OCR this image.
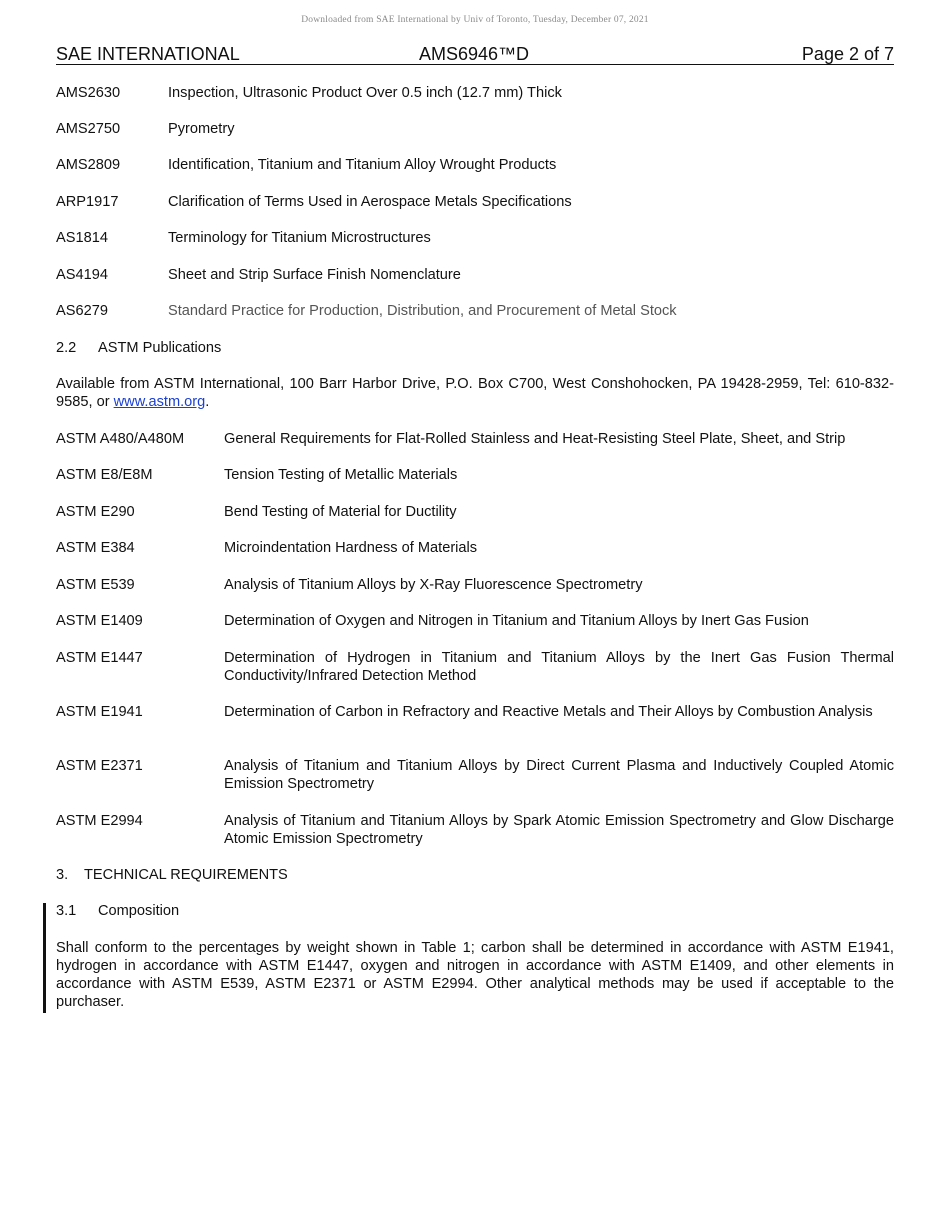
Downloaded from SAE International by Univ of Toronto, Tuesday, December 07, 2021
SAE INTERNATIONAL	AMS6946™D	Page 2 of 7
AMS2630	Inspection, Ultrasonic Product Over 0.5 inch (12.7 mm) Thick
AMS2750	Pyrometry
AMS2809	Identification, Titanium and Titanium Alloy Wrought Products
ARP1917	Clarification of Terms Used in Aerospace Metals Specifications
AS1814	Terminology for Titanium Microstructures
AS4194	Sheet and Strip Surface Finish Nomenclature
AS6279	Standard Practice for Production, Distribution, and Procurement of Metal Stock
2.2 ASTM Publications
Available from ASTM International, 100 Barr Harbor Drive, P.O. Box C700, West Conshohocken, PA 19428-2959, Tel: 610-832-9585, or www.astm.org.
ASTM A480/A480M	General Requirements for Flat-Rolled Stainless and Heat-Resisting Steel Plate, Sheet, and Strip
ASTM E8/E8M	Tension Testing of Metallic Materials
ASTM E290	Bend Testing of Material for Ductility
ASTM E384	Microindentation Hardness of Materials
ASTM E539	Analysis of Titanium Alloys by X-Ray Fluorescence Spectrometry
ASTM E1409	Determination of Oxygen and Nitrogen in Titanium and Titanium Alloys by Inert Gas Fusion
ASTM E1447	Determination of Hydrogen in Titanium and Titanium Alloys by the Inert Gas Fusion Thermal Conductivity/Infrared Detection Method
ASTM E1941	Determination of Carbon in Refractory and Reactive Metals and Their Alloys by Combustion Analysis
ASTM E2371	Analysis of Titanium and Titanium Alloys by Direct Current Plasma and Inductively Coupled Atomic Emission Spectrometry
ASTM E2994	Analysis of Titanium and Titanium Alloys by Spark Atomic Emission Spectrometry and Glow Discharge Atomic Emission Spectrometry
3. TECHNICAL REQUIREMENTS
3.1 Composition
Shall conform to the percentages by weight shown in Table 1; carbon shall be determined in accordance with ASTM E1941, hydrogen in accordance with ASTM E1447, oxygen and nitrogen in accordance with ASTM E1409, and other elements in accordance with ASTM E539, ASTM E2371 or ASTM E2994. Other analytical methods may be used if acceptable to the purchaser.
